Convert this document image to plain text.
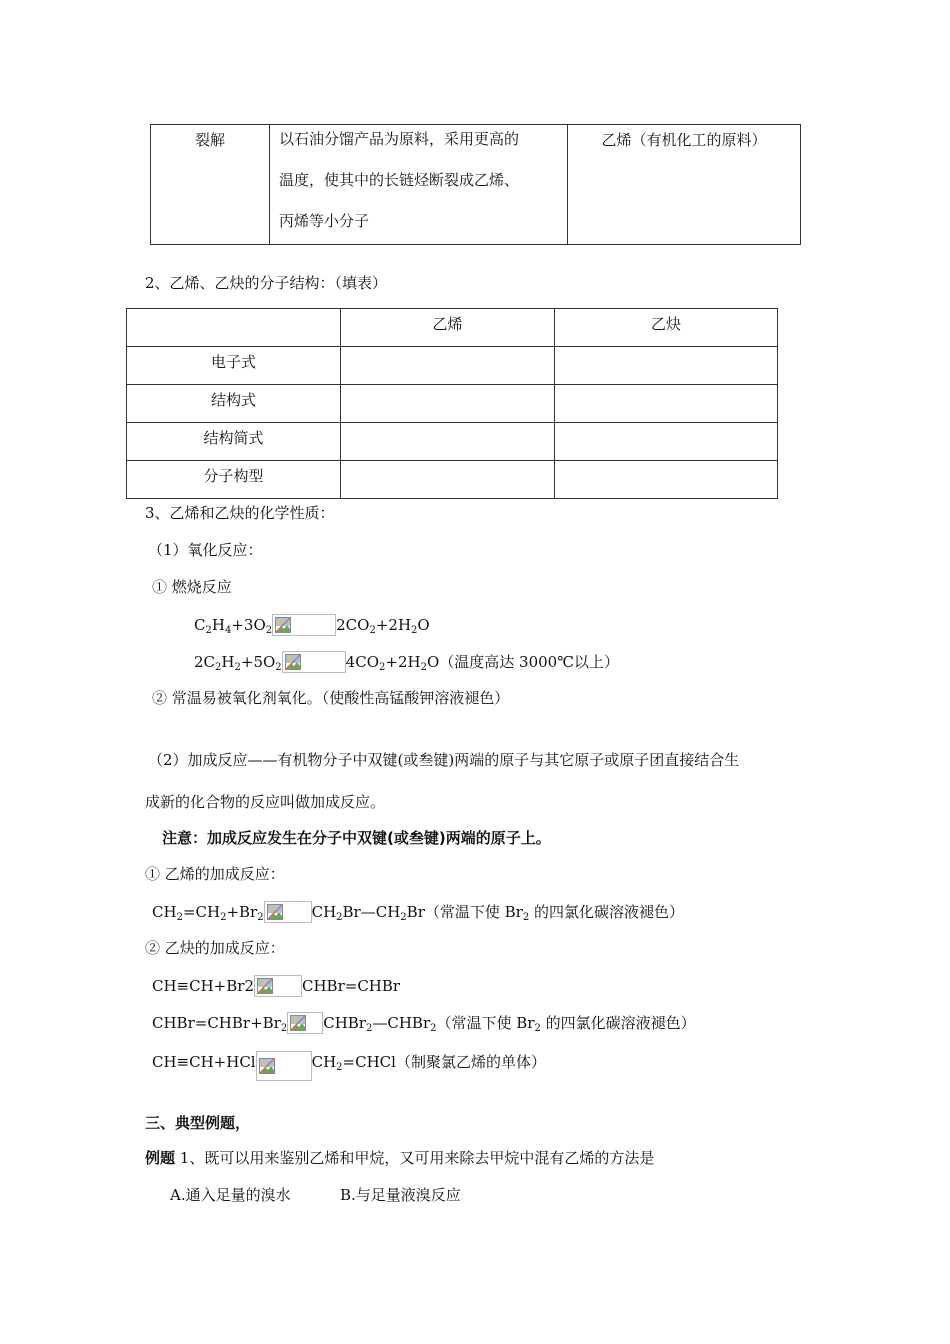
裂解	以石油分馏产品为原料，采用更高的
温度，使其中的长链烃断裂成乙烯、
丙烯等小分子
	乙烯（有机化工的原料）
2、乙烯、乙炔的分子结构：（填表）
	乙烯	乙炔
电子式		
结构式		
结构简式		
分子构型		
3、乙烯和乙炔的化学性质：
（1）氧化反应：
① 燃烧反应
$C_2H_4+3O_2$	$2CO_2+2H_2O$
$2C_2H_2+5O_2$	$4CO_2+2H_2O$（温度高达 3000℃以上）
② 常温易被氧化剂氧化。（使酸性高锰酸钾溶液褪色）
（2）加成反应——有机物分子中双键(或叁键)两端的原子与其它原子或原子团直接结合生
成新的化合物的反应叫做加成反应。
注意：加成反应发生在分子中双键(或叁键)两端的原子上。
① 乙烯的加成反应：
$CH_2=CH_2+Br_2$	$CH_2Br—CH_2Br$（常温下使 $Br_2$ 的四氯化碳溶液褪色）
② 乙炔的加成反应：
CH≡CH+Br2	CHBr=CHBr
$CHBr=CHBr+Br_2$ CHBr$_2$—CHBr$_2$（常温下使 $Br_2$ 的四氯化碳溶液褪色）
CH≡CH+HCl	$CH_2=CHCl$（制聚氯乙烯的单体）
三、典型例题，
例题 1、既可以用来鉴别乙烯和甲烷，又可用来除去甲烷中混有乙烯的方法是
A.通入足量的溴水	B.与足量液溴反应
